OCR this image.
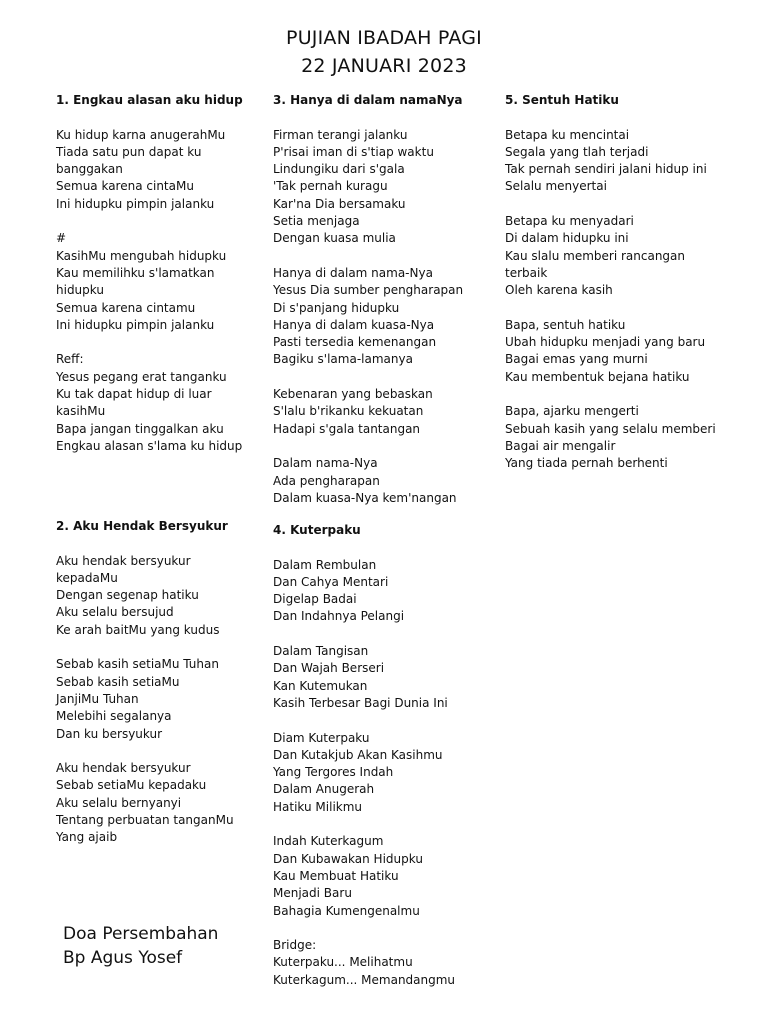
PUJIAN IBADAH PAGI
22 JANUARI 2023
1. Engkau alasan aku hidup
Ku hidup karna anugerahMu
Tiada satu pun dapat ku
banggakan
Semua karena cintaMu
Ini hidupku pimpin jalanku
#
KasihMu mengubah hidupku
Kau memilihku s'lamatkan
hidupku
Semua karena cintamu
Ini hidupku pimpin jalanku
Reff:
Yesus pegang erat tanganku
Ku tak dapat hidup di luar
kasihMu
Bapa jangan tinggalkan aku
Engkau alasan s'lama ku hidup
2. Aku Hendak Bersyukur
Aku hendak bersyukur
kepadaMu
Dengan segenap hatiku
Aku selalu bersujud
Ke arah baitMu yang kudus
Sebab kasih setiaMu Tuhan
Sebab kasih setiaMu
JanjiMu Tuhan
Melebihi segalanya
Dan ku bersyukur
Aku hendak bersyukur
Sebab setiaMu kepadaku
Aku selalu bernyanyi
Tentang perbuatan tanganMu
Yang ajaib
3. Hanya di dalam namaNya
Firman terangi jalanku
P'risai iman di s'tiap waktu
Lindungiku dari s'gala
'Tak pernah kuragu
Kar'na Dia bersamaku
Setia menjaga
Dengan kuasa mulia
Hanya di dalam nama-Nya
Yesus Dia sumber pengharapan
Di s'panjang hidupku
Hanya di dalam kuasa-Nya
Pasti tersedia kemenangan
Bagiku s'lama-lamanya
Kebenaran yang bebaskan
S'lalu b'rikanku kekuatan
Hadapi s'gala tantangan
Dalam nama-Nya
Ada pengharapan
Dalam kuasa-Nya kem'nangan
4. Kuterpaku
Dalam Rembulan
Dan Cahya Mentari
Digelap Badai
Dan Indahnya Pelangi
Dalam Tangisan
Dan Wajah Berseri
Kan Kutemukan
Kasih Terbesar Bagi Dunia Ini
Diam Kuterpaku
Dan Kutakjub Akan Kasihmu
Yang Tergores Indah
Dalam Anugerah
Hatiku Milikmu
Indah Kuterkagum
Dan Kubawakan Hidupku
Kau Membuat Hatiku
Menjadi Baru
Bahagia Kumengenalmu
Bridge:
Kuterpaku... Melihatmu
Kuterkagum... Memandangmu
5. Sentuh Hatiku
Betapa ku mencintai
Segala yang tlah terjadi
Tak pernah sendiri jalani hidup ini
Selalu menyertai
Betapa ku menyadari
Di dalam hidupku ini
Kau slalu memberi rancangan
terbaik
Oleh karena kasih
Bapa, sentuh hatiku
Ubah hidupku menjadi yang baru
Bagai emas yang murni
Kau membentuk bejana hatiku
Bapa, ajarku mengerti
Sebuah kasih yang selalu memberi
Bagai air mengalir
Yang tiada pernah berhenti
Doa Persembahan
Bp Agus Yosef
